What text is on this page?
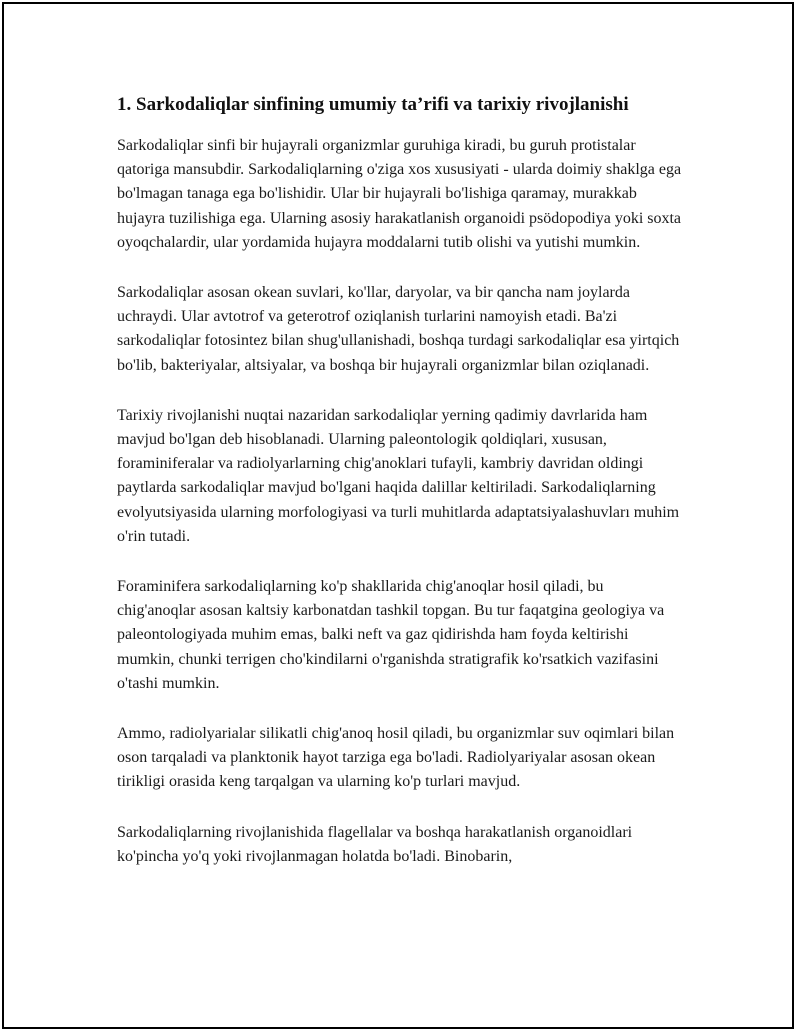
1. Sarkodaliqlar sinfining umumiy ta’rifi va tarixiy rivojlanishi

Sarkodaliqlar sinfi bir hujayrali organizmlar guruhiga kiradi, bu guruh protistalar qatoriga mansubdir. Sarkodaliqlarning o'ziga xos xususiyati - ularda doimiy shaklga ega bo'lmagan tanaga ega bo'lishidir. Ular bir hujayrali bo'lishiga qaramay, murakkab hujayra tuzilishiga ega. Ularning asosiy harakatlanish organoidi psödopodiya yoki soxta oyoqchalardir, ular yordamida hujayra moddalarni tutib olishi va yutishi mumkin.

Sarkodaliqlar asosan okean suvlari, ko'llar, daryolar, va bir qancha nam joylarda uchraydi. Ular avtotrof va geterotrof oziqlanish turlarini namoyish etadi. Ba'zi sarkodaliqlar fotosintez bilan shug'ullanishadi, boshqa turdagi sarkodaliqlar esa yirtqich bo'lib, bakteriyalar, altsiyalar, va boshqa bir hujayrali organizmlar bilan oziqlanadi.

Tarixiy rivojlanishi nuqtai nazaridan sarkodaliqlar yerning qadimiy davrlarida ham mavjud bo'lgan deb hisoblanadi. Ularning paleontologik qoldiqlari, xususan, foraminiferalar va radiolyarlarning chig'anoklari tufayli, kambriy davridan oldingi paytlarda sarkodaliqlar mavjud bo'lgani haqida dalillar keltiriladi. Sarkodaliqlarning evolyutsiyasida ularning morfologiyasi va turli muhitlarda adaptatsiyalashuvları muhim o'rin tutadi.

Foraminifera sarkodaliqlarning ko'p shakllarida chig'anoqlar hosil qiladi, bu chig'anoqlar asosan kaltsiy karbonatdan tashkil topgan. Bu tur faqatgina geologiya va paleontologiyada muhim emas, balki neft va gaz qidirishda ham foyda keltirishi mumkin, chunki terrigen cho'kindilarni o'rganishda stratigrafik ko'rsatkich vazifasini o'tashi mumkin.

Ammo, radiolyarialar silikatli chig'anoq hosil qiladi, bu organizmlar suv oqimlari bilan oson tarqaladi va planktonik hayot tarziga ega bo'ladi. Radiolyariyalar asosan okean tirikligi orasida keng tarqalgan va ularning ko'p turlari mavjud.

Sarkodaliqlarning rivojlanishida flagellalar va boshqa harakatlanish organoidlari ko'pincha yo'q yoki rivojlanmagan holatda bo'ladi. Binobarin,
